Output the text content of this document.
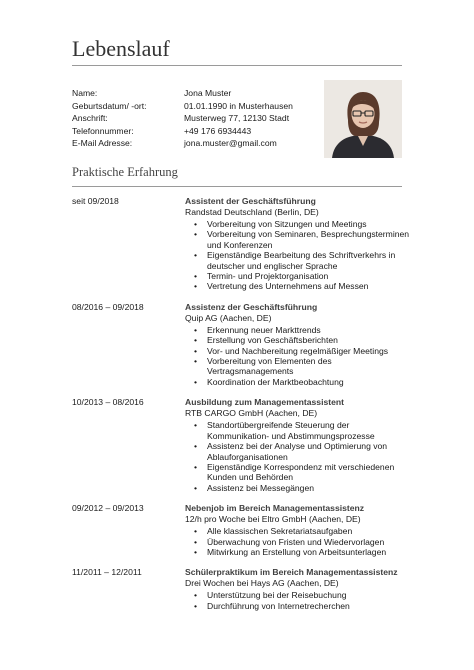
Lebenslauf
Name:	Jona Muster
Geburtsdatum/ -ort:	01.01.1990 in Musterhausen
Anschrift:	Musterweg 77, 12130 Stadt
Telefonnummer:	+49 176 6934443
E-Mail Adresse:	jona.muster@gmail.com
Praktische Erfahrung
seit 09/2018	Assistent der Geschäftsführung
Randstad Deutschland (Berlin, DE)
• Vorbereitung von Sitzungen und Meetings
• Vorbereitung von Seminaren, Besprechungsterminen und Konferenzen
• Eigenständige Bearbeitung des Schriftverkehrs in deutscher und englischer Sprache
• Termin- und Projektorganisation
• Vertretung des Unternehmens auf Messen
08/2016 – 09/2018	Assistenz der Geschäftsführung
Quip AG (Aachen, DE)
• Erkennung neuer Markttrends
• Erstellung von Geschäftsberichten
• Vor- und Nachbereitung regelmäßiger Meetings
• Vorbereitung von Elementen des Vertragsmanagements
• Koordination der Marktbeobachtung
10/2013 – 08/2016	Ausbildung zum Managementassistent
RTB CARGO GmbH (Aachen, DE)
• Standortübergreifende Steuerung der Kommunikation- und Abstimmungsprozesse
• Assistenz bei der Analyse und Optimierung von Ablauforganisationen
• Eigenständige Korrespondenz mit verschiedenen Kunden und Behörden
• Assistenz bei Messegängen
09/2012 – 09/2013	Nebenjob im Bereich Managementassistenz
12/h pro Woche bei Eltro GmbH (Aachen, DE)
• Alle klassischen Sekretariatsaufgaben
• Überwachung von Fristen und Wiedervorlagen
• Mitwirkung an Erstellung von Arbeitsunterlagen
11/2011 – 12/2011	Schülerpraktikum im Bereich Managementassistenz
Drei Wochen bei Hays AG (Aachen, DE)
• Unterstützung bei der Reisebuchung
• Durchführung von Internetrecherchen
